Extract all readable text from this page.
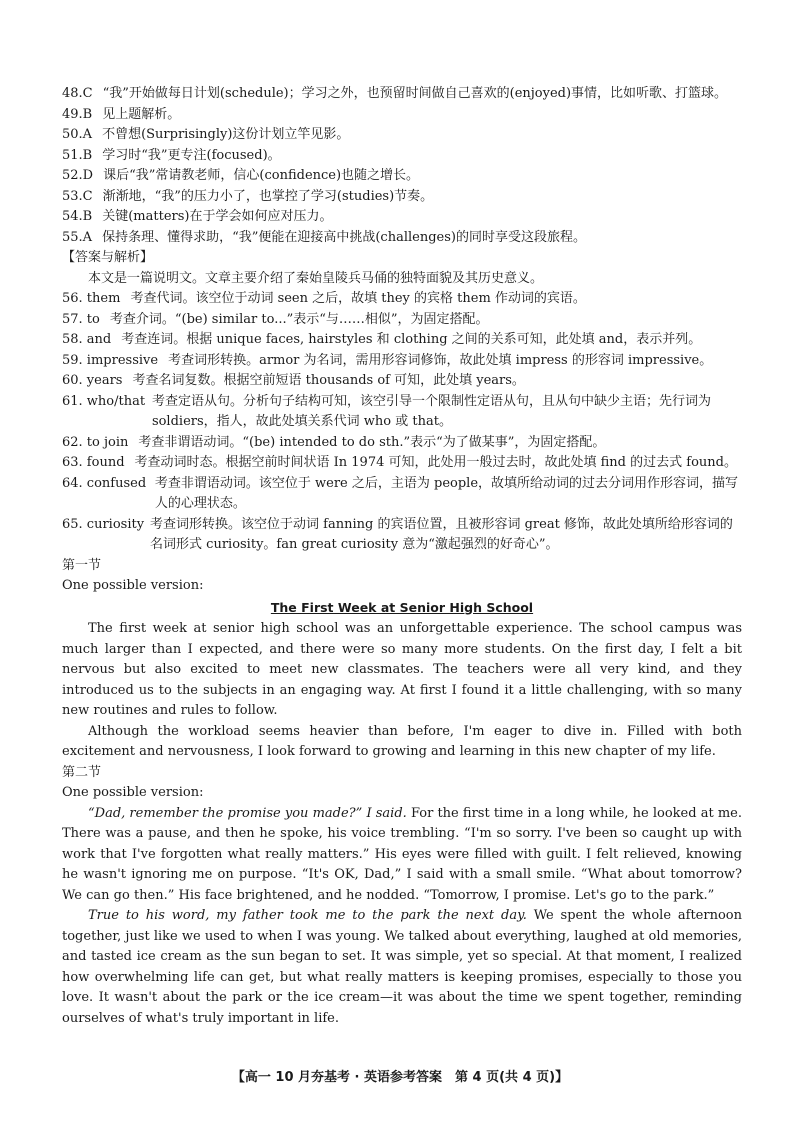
48.C “我”开始做每日计划(schedule)；学习之外，也预留时间做自己喜欢的(enjoyed)事情，比如听歌、打篮球。
49.B 见上题解析。
50.A 不曾想(Surprisingly)这份计划立竿见影。
51.B 学习时“我”更专注(focused)。
52.D 课后“我”常请教老师，信心(confidence)也随之增长。
53.C 渐渐地，“我”的压力小了，也掌控了学习(studies)节奏。
54.B 关键(matters)在于学会如何应对压力。
55.A 保持条理、懂得求助，“我”便能在迎接高中挑战(challenges)的同时享受这段旅程。

【答案与解析】

本文是一篇说明文。文章主要介绍了秦始皇陵兵马俑的独特面貌及其历史意义。

56. them 考查代词。该空位于动词 seen 之后，故填 they 的宾格 them 作动词的宾语。
57. to 考查介词。“(be) similar to...”表示“与……相似”，为固定搭配。
58. and 考查连词。根据 unique faces, hairstyles 和 clothing 之间的关系可知，此处填 and，表示并列。
59. impressive 考查词形转换。armor 为名词，需用形容词修饰，故此处填 impress 的形容词 impressive。
60. years 考查名词复数。根据空前短语 thousands of 可知，此处填 years。
61. who/that 考查定语从句。分析句子结构可知，该空引导一个限制性定语从句，且从句中缺少主语；先行词为 soldiers，指人，故此处填关系代词 who 或 that。
62. to join 考查非谓语动词。“(be) intended to do sth.”表示“为了做某事”，为固定搭配。
63. found 考查动词时态。根据空前时间状语 In 1974 可知，此处用一般过去时，故此处填 find 的过去式 found。
64. confused 考查非谓语动词。该空位于 were 之后，主语为 people，故填所给动词的过去分词用作形容词，描写人的心理状态。
65. curiosity 考查词形转换。该空位于动词 fanning 的宾语位置，且被形容词 great 修饰，故此处填所给形容词的名词形式 curiosity。fan great curiosity 意为“激起强烈的好奇心”。

第一节

One possible version:

The First Week at Senior High School

The first week at senior high school was an unforgettable experience. The school campus was much larger than I expected, and there were so many more students. On the first day, I felt a bit nervous but also excited to meet new classmates. The teachers were all very kind, and they introduced us to the subjects in an engaging way. At first I found it a little challenging, with so many new routines and rules to follow.

Although the workload seems heavier than before, I'm eager to dive in. Filled with both excitement and nervousness, I look forward to growing and learning in this new chapter of my life.

第二节

One possible version:

“Dad, remember the promise you made?” I said. For the first time in a long while, he looked at me. There was a pause, and then he spoke, his voice trembling. “I'm so sorry. I've been so caught up with work that I've forgotten what really matters.” His eyes were filled with guilt. I felt relieved, knowing he wasn't ignoring me on purpose. “It's OK, Dad,” I said with a small smile. “What about tomorrow? We can go then.” His face brightened, and he nodded. “Tomorrow, I promise. Let's go to the park.”

True to his word, my father took me to the park the next day. We spent the whole afternoon together, just like we used to when I was young. We talked about everything, laughed at old memories, and tasted ice cream as the sun began to set. It was simple, yet so special. At that moment, I realized how overwhelming life can get, but what really matters is keeping promises, especially to those you love. It wasn't about the park or the ice cream—it was about the time we spent together, reminding ourselves of what's truly important in life.

【高一 10 月夯基考 · 英语参考答案　第 4 页(共 4 页)】
